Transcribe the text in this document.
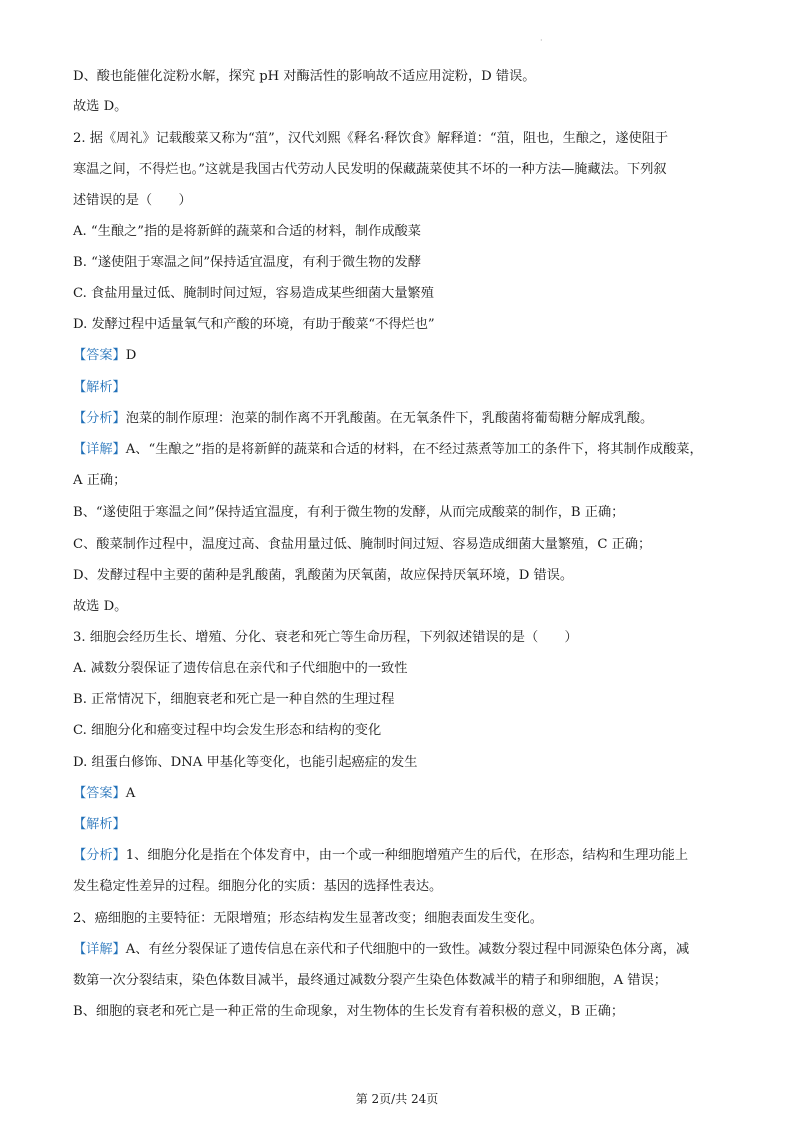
·
D、酸也能催化淀粉水解，探究 pH 对酶活性的影响故不适应用淀粉，D 错误。
故选 D。
2. 据《周礼》记载酸菜又称为“菹”，汉代刘熙《释名·释饮食》解释道：“菹，阻也，生酿之，遂使阻于
寒温之间，不得烂也。”这就是我国古代劳动人民发明的保藏蔬菜使其不坏的一种方法—腌藏法。下列叙
述错误的是（　　）
A. “生酿之”指的是将新鲜的蔬菜和合适的材料，制作成酸菜
B. “遂使阻于寒温之间”保持适宜温度，有利于微生物的发酵
C. 食盐用量过低、腌制时间过短，容易造成某些细菌大量繁殖
D. 发酵过程中适量氧气和产酸的环境，有助于酸菜“不得烂也”
【答案】D
【解析】
【分析】泡菜的制作原理：泡菜的制作离不开乳酸菌。在无氧条件下，乳酸菌将葡萄糖分解成乳酸。
【详解】A、“生酿之”指的是将新鲜的蔬菜和合适的材料，在不经过蒸煮等加工的条件下，将其制作成酸菜，
A 正确；
B、“遂使阻于寒温之间”保持适宜温度，有利于微生物的发酵，从而完成酸菜的制作，B 正确；
C、酸菜制作过程中，温度过高、食盐用量过低、腌制时间过短、容易造成细菌大量繁殖，C 正确；
D、发酵过程中主要的菌种是乳酸菌，乳酸菌为厌氧菌，故应保持厌氧环境，D 错误。
故选 D。
3. 细胞会经历生长、增殖、分化、衰老和死亡等生命历程，下列叙述错误的是（　　）
A. 减数分裂保证了遗传信息在亲代和子代细胞中的一致性
B. 正常情况下，细胞衰老和死亡是一种自然的生理过程
C. 细胞分化和癌变过程中均会发生形态和结构的变化
D. 组蛋白修饰、DNA 甲基化等变化，也能引起癌症的发生
【答案】A
【解析】
【分析】1、细胞分化是指在个体发育中，由一个或一种细胞增殖产生的后代，在形态，结构和生理功能上
发生稳定性差异的过程。细胞分化的实质：基因的选择性表达。
2、癌细胞的主要特征：无限增殖；形态结构发生显著改变；细胞表面发生变化。
【详解】A、有丝分裂保证了遗传信息在亲代和子代细胞中的一致性。减数分裂过程中同源染色体分离，减
数第一次分裂结束，染色体数目减半，最终通过减数分裂产生染色体数减半的精子和卵细胞，A 错误；
B、细胞的衰老和死亡是一种正常的生命现象，对生物体的生长发育有着积极的意义，B 正确；
第 2页/共 24页
